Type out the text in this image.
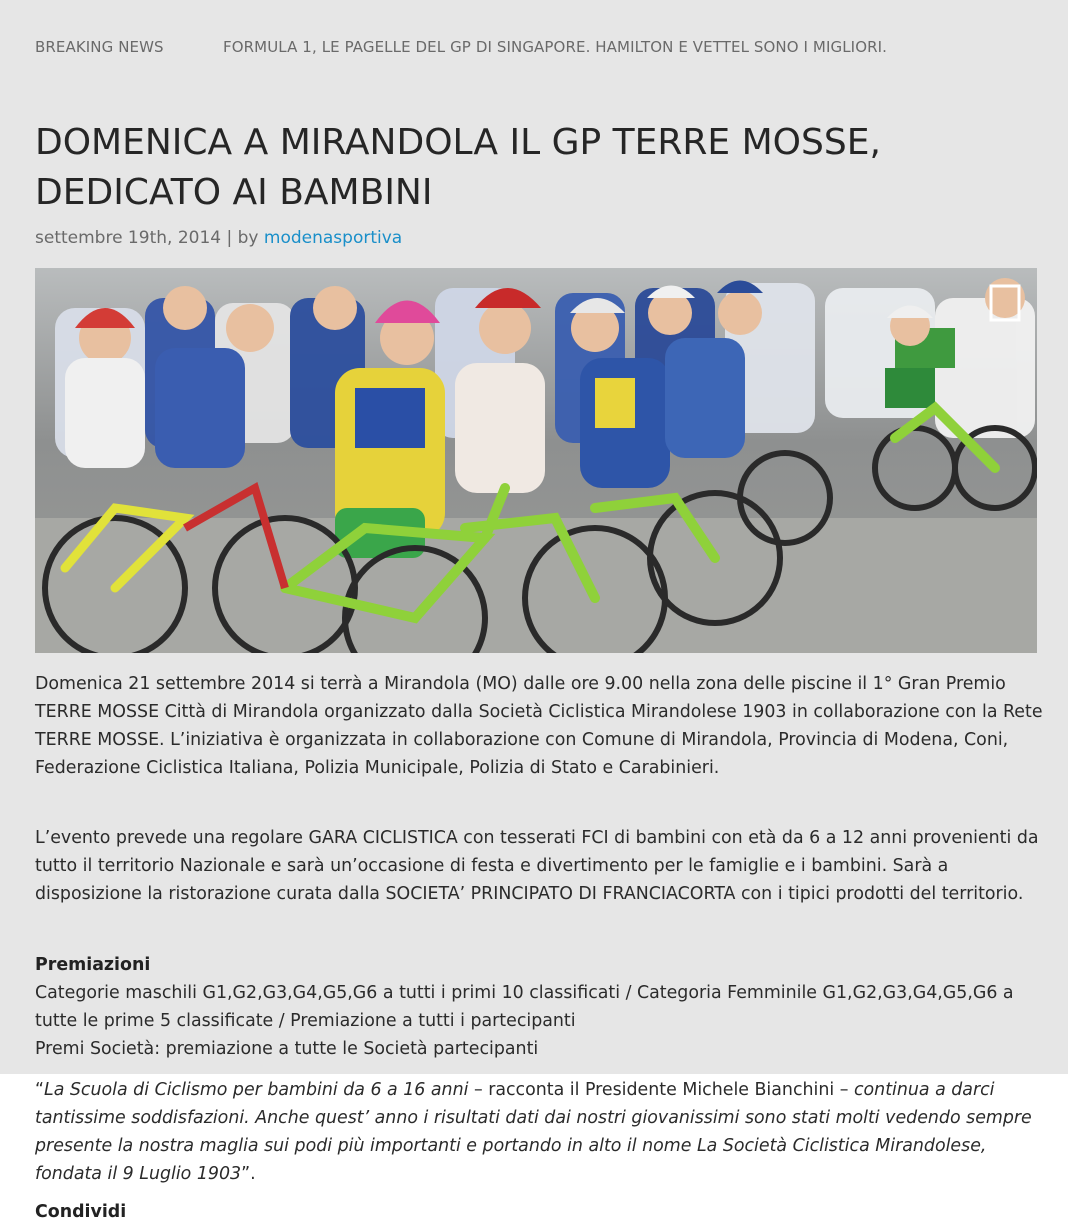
BREAKING NEWS	FORMULA 1, LE PAGELLE DEL GP DI SINGAPORE. HAMILTON E VETTEL SONO I MIGLIORI.
DOMENICA A MIRANDOLA IL GP TERRE MOSSE, DEDICATO AI BAMBINI
settembre 19th, 2014 | by modenasportiva

Domenica 21 settembre 2014 si terrà a Mirandola (MO) dalle ore 9.00 nella zona delle piscine il 1° Gran Premio TERRE MOSSE Città di Mirandola organizzato dalla Società Ciclistica Mirandolese 1903 in collaborazione con la Rete TERRE MOSSE. L’iniziativa è organizzata in collaborazione con Comune di Mirandola, Provincia di Modena, Coni, Federazione Ciclistica Italiana, Polizia Municipale, Polizia di Stato e Carabinieri.

L’evento prevede una regolare GARA CICLISTICA con tesserati FCI di bambini con età da 6 a 12 anni provenienti da tutto il territorio Nazionale e sarà un’occasione di festa e divertimento per le famiglie e i bambini. Sarà a disposizione la ristorazione curata dalla SOCIETA’ PRINCIPATO DI FRANCIACORTA con i tipici prodotti del territorio.

Premiazioni
Categorie maschili G1,G2,G3,G4,G5,G6 a tutti i primi 10 classificati / Categoria Femminile G1,G2,G3,G4,G5,G6 a tutte le prime 5 classificate / Premiazione a tutti i partecipanti
Premi Società: premiazione a tutte le Società partecipanti

“La Scuola di Ciclismo per bambini da 6 a 16 anni – racconta il Presidente Michele Bianchini – continua a darci tantissime soddisfazioni. Anche quest’ anno i risultati dati dai nostri giovanissimi sono stati molti vedendo sempre presente la nostra maglia sui podi più importanti e portando in alto il nome La Società Ciclistica Mirandolese, fondata il 9 Luglio 1903”.

Condividi
